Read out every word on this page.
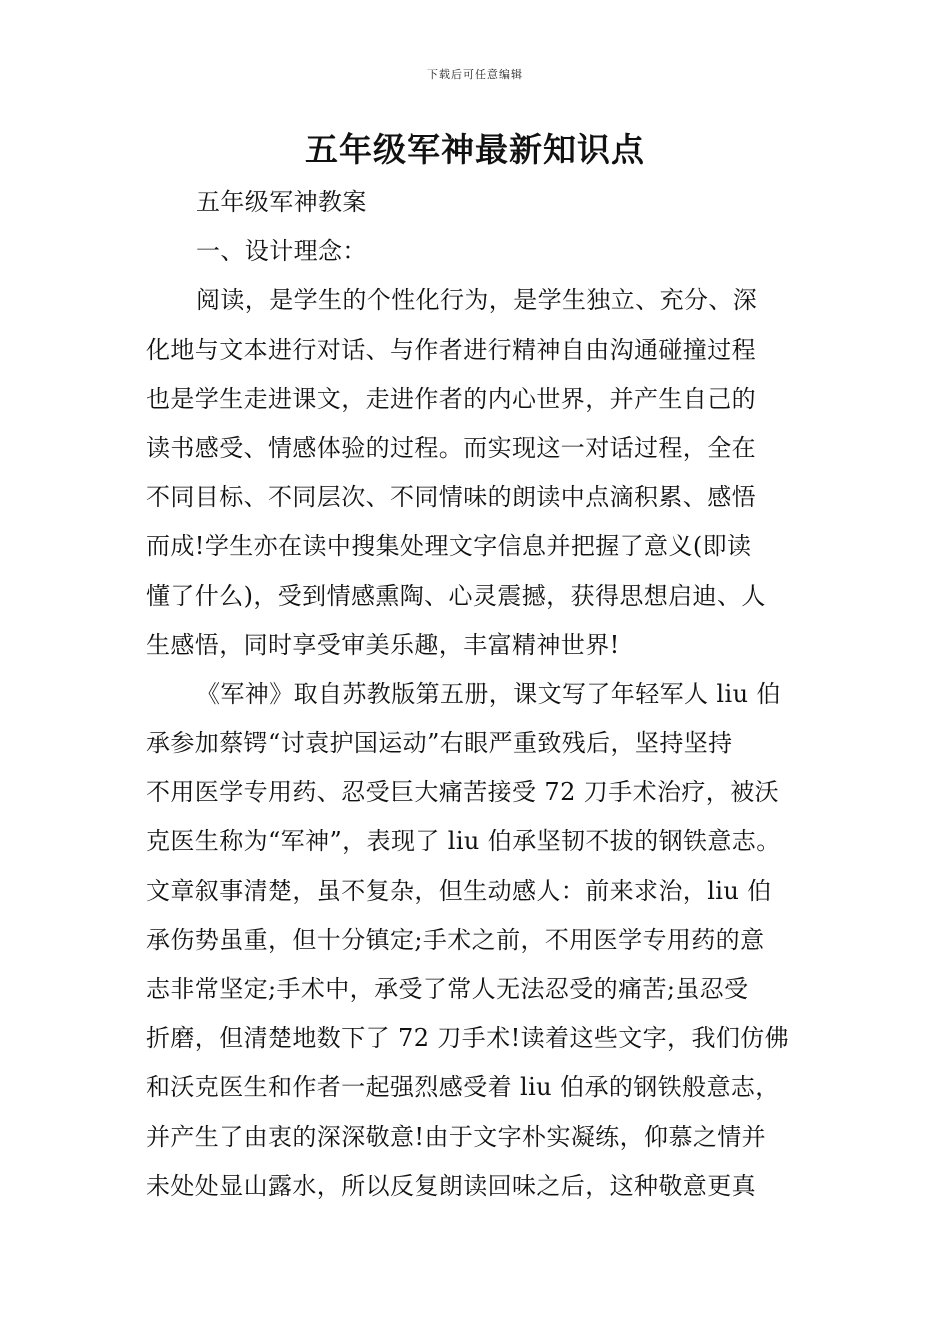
下载后可任意编辑
五年级军神最新知识点
五年级军神教案
一、设计理念：
阅读，是学生的个性化行为，是学生独立、充分、深
化地与文本进行对话、与作者进行精神自由沟通碰撞过程
也是学生走进课文，走进作者的内心世界，并产生自己的
读书感受、情感体验的过程。而实现这一对话过程，全在
不同目标、不同层次、不同情味的朗读中点滴积累、感悟
而成!学生亦在读中搜集处理文字信息并把握了意义(即读
懂了什么)，受到情感熏陶、心灵震撼，获得思想启迪、人
生感悟，同时享受审美乐趣，丰富精神世界!
《军神》取自苏教版第五册，课文写了年轻军人 liu 伯
承参加蔡锷“讨袁护国运动”右眼严重致残后，坚持坚持
不用医学专用药、忍受巨大痛苦接受 72 刀手术治疗，被沃
克医生称为“军神”，表现了 liu 伯承坚韧不拔的钢铁意志。
文章叙事清楚，虽不复杂，但生动感人：前来求治，liu 伯
承伤势虽重，但十分镇定;手术之前，不用医学专用药的意
志非常坚定;手术中，承受了常人无法忍受的痛苦;虽忍受
折磨，但清楚地数下了 72 刀手术!读着这些文字，我们仿佛
和沃克医生和作者一起强烈感受着 liu 伯承的钢铁般意志，
并产生了由衷的深深敬意!由于文字朴实凝练，仰慕之情并
未处处显山露水，所以反复朗读回味之后，这种敬意更真
